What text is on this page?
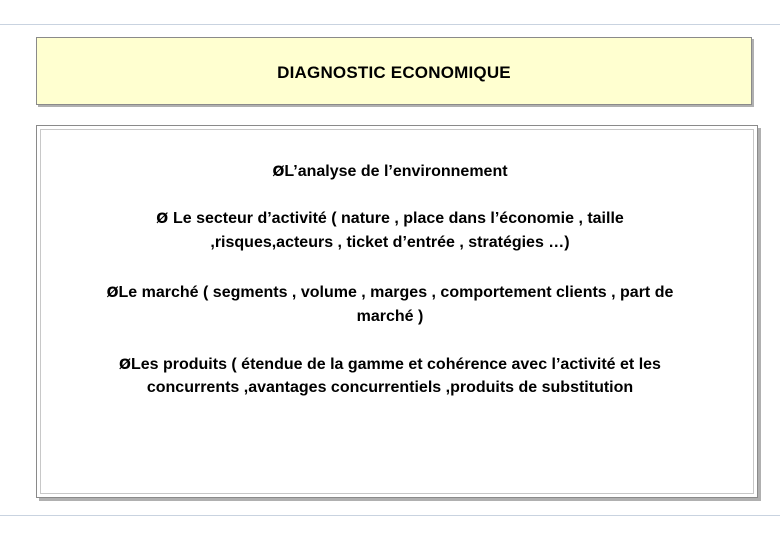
DIAGNOSTIC ECONOMIQUE
ØL’analyse de l’environnement
Ø Le secteur d’activité ( nature , place dans l’économie , taille
,risques,acteurs , ticket d’entrée , stratégies …)
ØLe marché ( segments , volume , marges , comportement clients , part de
marché )
ØLes produits ( étendue de la gamme et cohérence avec l’activité et les
concurrents ,avantages concurrentiels ,produits de substitution
